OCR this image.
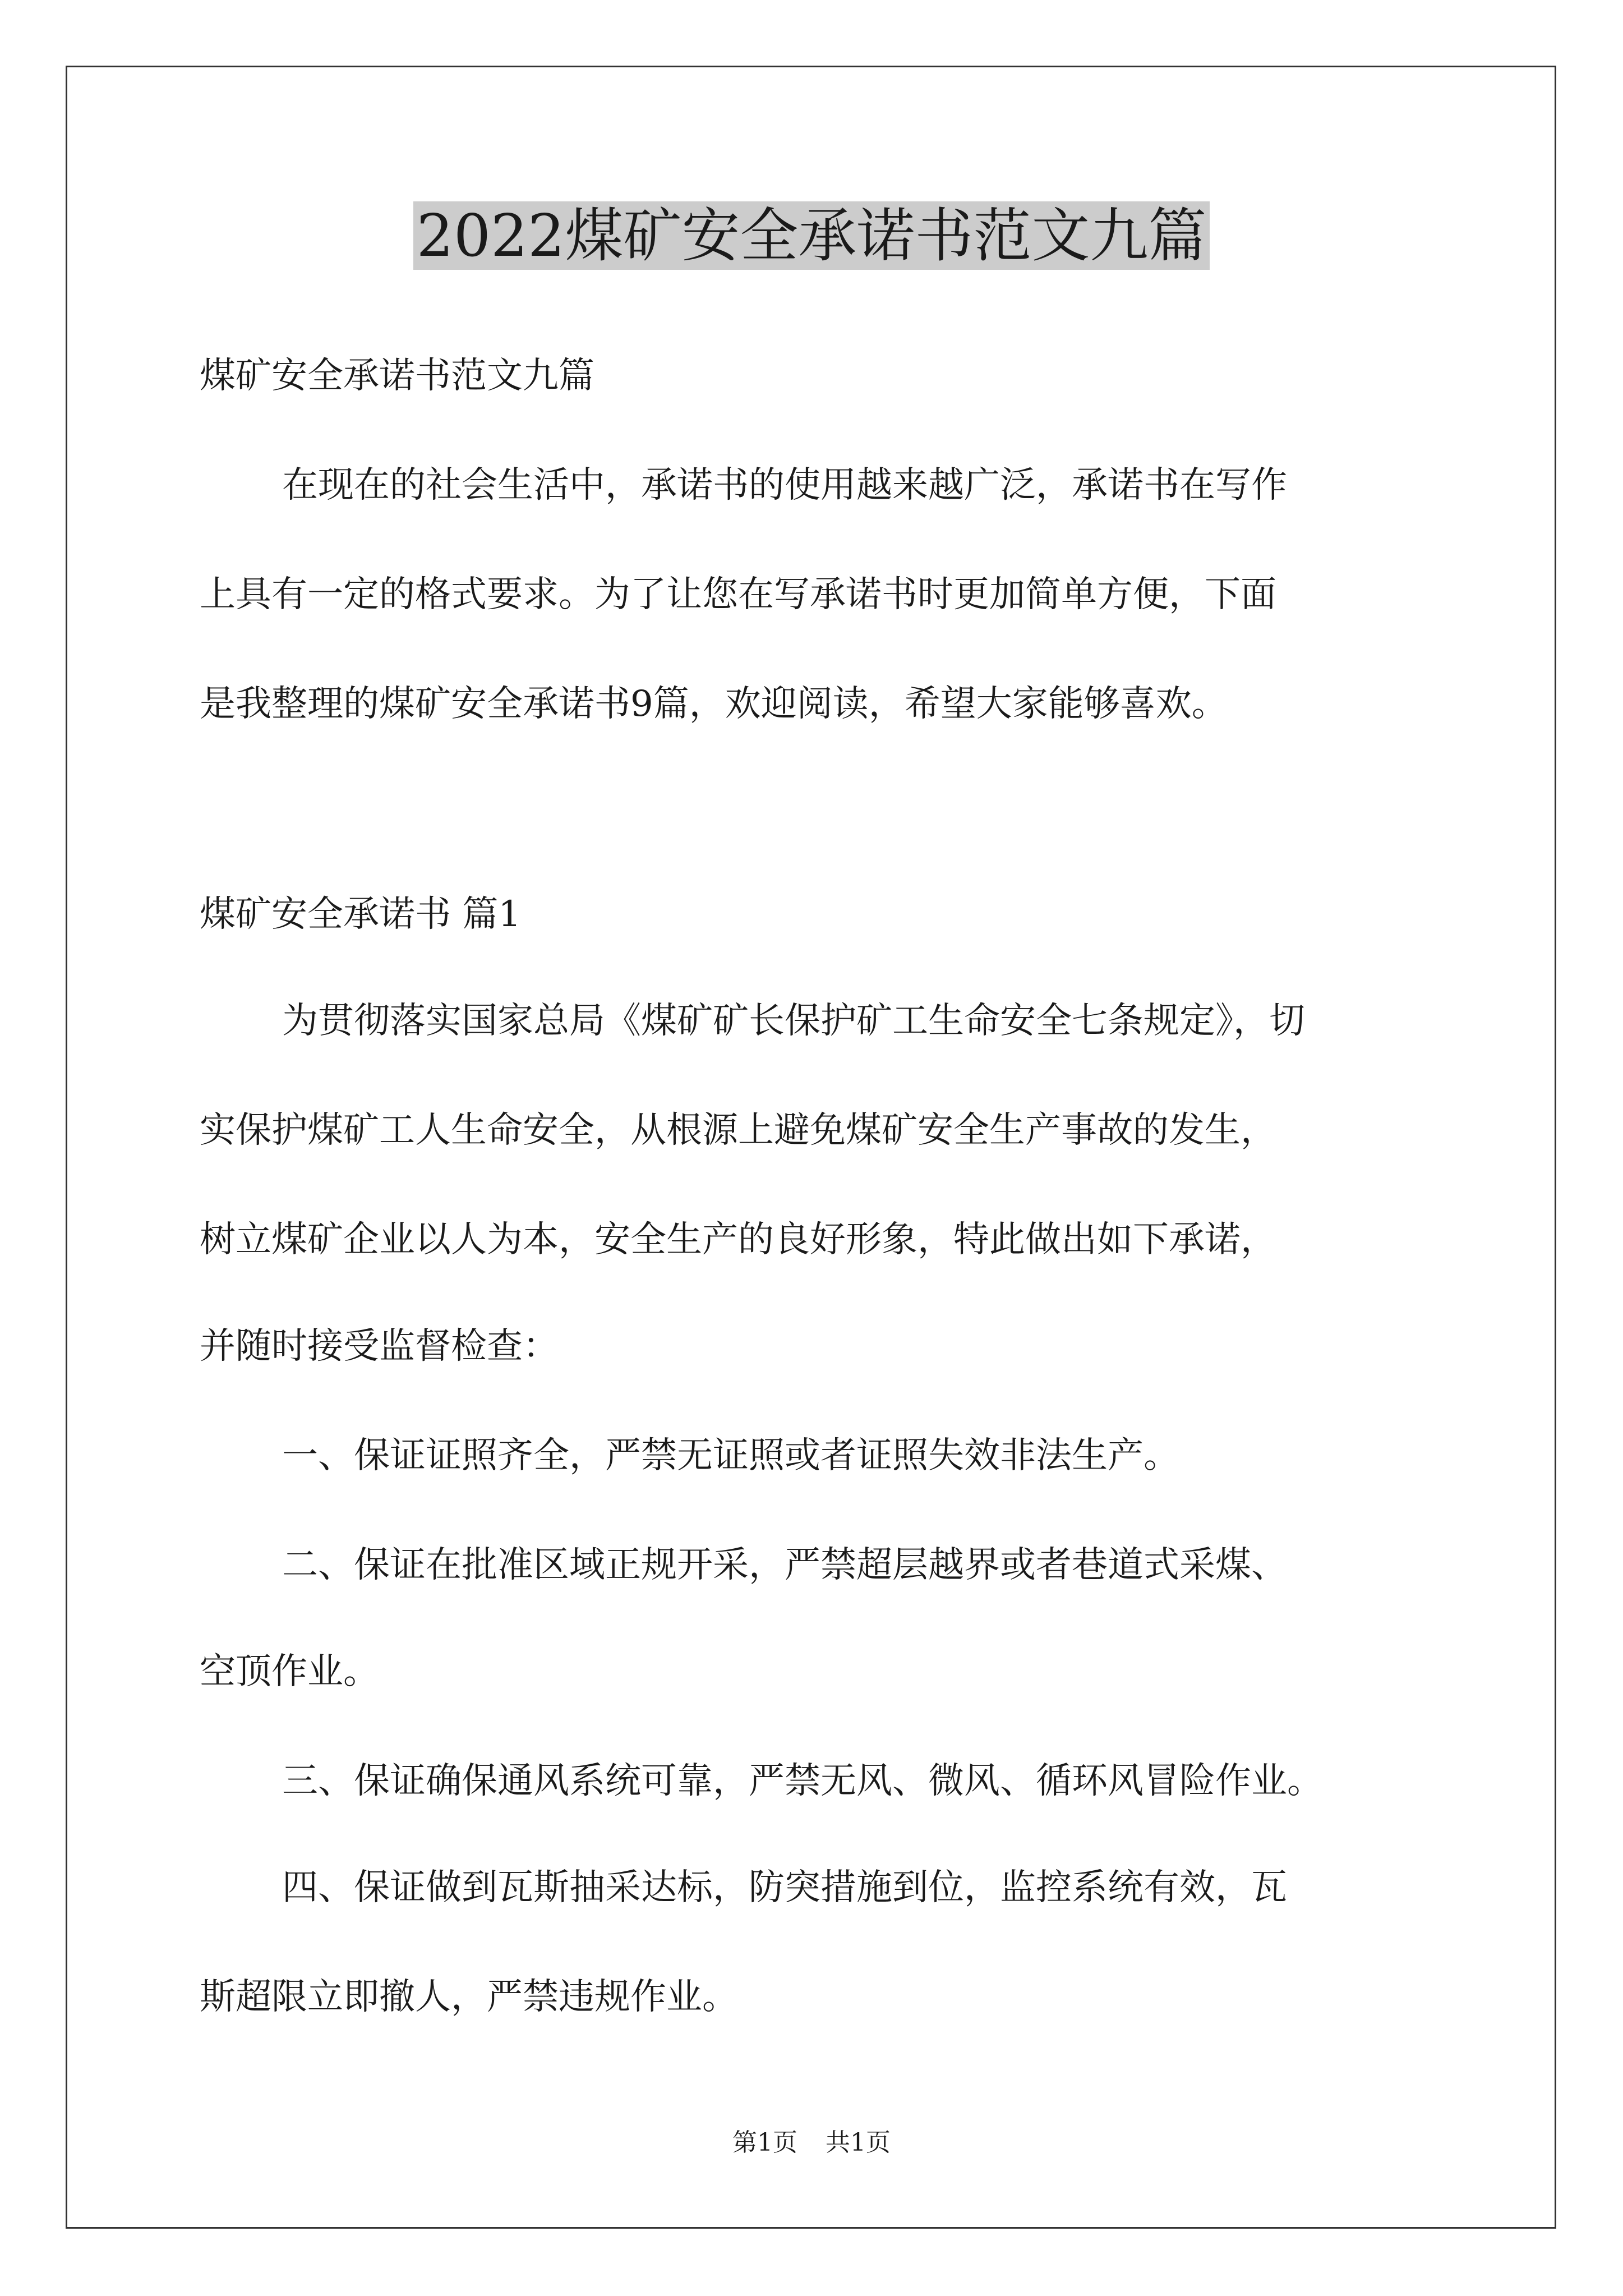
2022煤矿安全承诺书范文九篇

煤矿安全承诺书范文九篇

在现在的社会生活中，承诺书的使用越来越广泛，承诺书在写作

上具有一定的格式要求。为了让您在写承诺书时更加简单方便，下面

是我整理的煤矿安全承诺书9篇，欢迎阅读，希望大家能够喜欢。

煤矿安全承诺书 篇1

为贯彻落实国家总局《煤矿矿长保护矿工生命安全七条规定》，切

实保护煤矿工人生命安全，从根源上避免煤矿安全生产事故的发生，

树立煤矿企业以人为本，安全生产的良好形象，特此做出如下承诺，

并随时接受监督检查：

一、保证证照齐全，严禁无证照或者证照失效非法生产。

二、保证在批准区域正规开采，严禁超层越界或者巷道式采煤、

空顶作业。

三、保证确保通风系统可靠，严禁无风、微风、循环风冒险作业。

四、保证做到瓦斯抽采达标，防突措施到位，监控系统有效，瓦

斯超限立即撤人，严禁违规作业。

第1页 共1页
